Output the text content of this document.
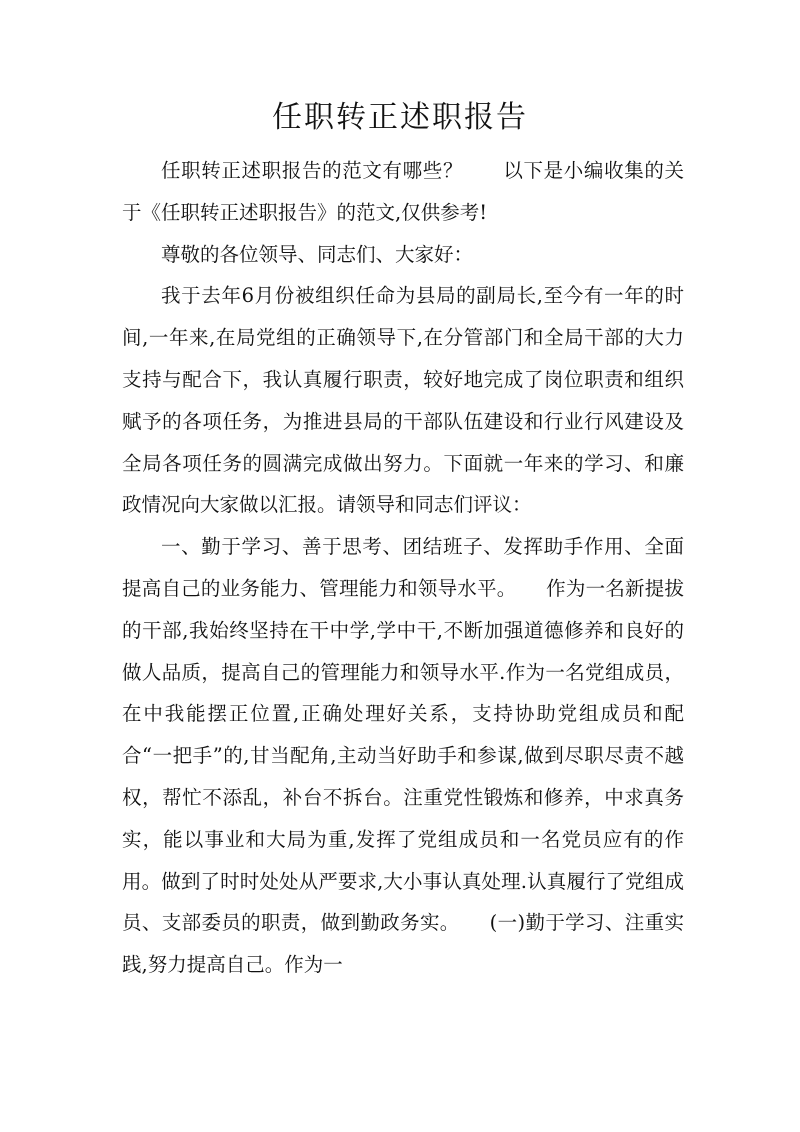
任职转正述职报告

任职转正述职报告的范文有哪些？　　以下是小编收集的关于《任职转正述职报告》的范文,仅供参考!

尊敬的各位领导、同志们、大家好：

我于去年6月份被组织任命为县局的副局长,至今有一年的时间,一年来,在局党组的正确领导下,在分管部门和全局干部的大力支持与配合下，我认真履行职责，较好地完成了岗位职责和组织赋予的各项任务，为推进县局的干部队伍建设和行业行风建设及全局各项任务的圆满完成做出努力。下面就一年来的学习、和廉政情况向大家做以汇报。请领导和同志们评议：

一、勤于学习、善于思考、团结班子、发挥助手作用、全面提高自己的业务能力、管理能力和领导水平。　　作为一名新提拔的干部,我始终坚持在干中学,学中干,不断加强道德修养和良好的做人品质，提高自己的管理能力和领导水平.作为一名党组成员，在中我能摆正位置,正确处理好关系，支持协助党组成员和配合“一把手”的,甘当配角,主动当好助手和参谋,做到尽职尽责不越权，帮忙不添乱，补台不拆台。注重党性锻炼和修养，中求真务实，能以事业和大局为重,发挥了党组成员和一名党员应有的作用。做到了时时处处从严要求,大小事认真处理.认真履行了党组成员、支部委员的职责，做到勤政务实。　　(一)勤于学习、注重实践,努力提高自己。作为一
